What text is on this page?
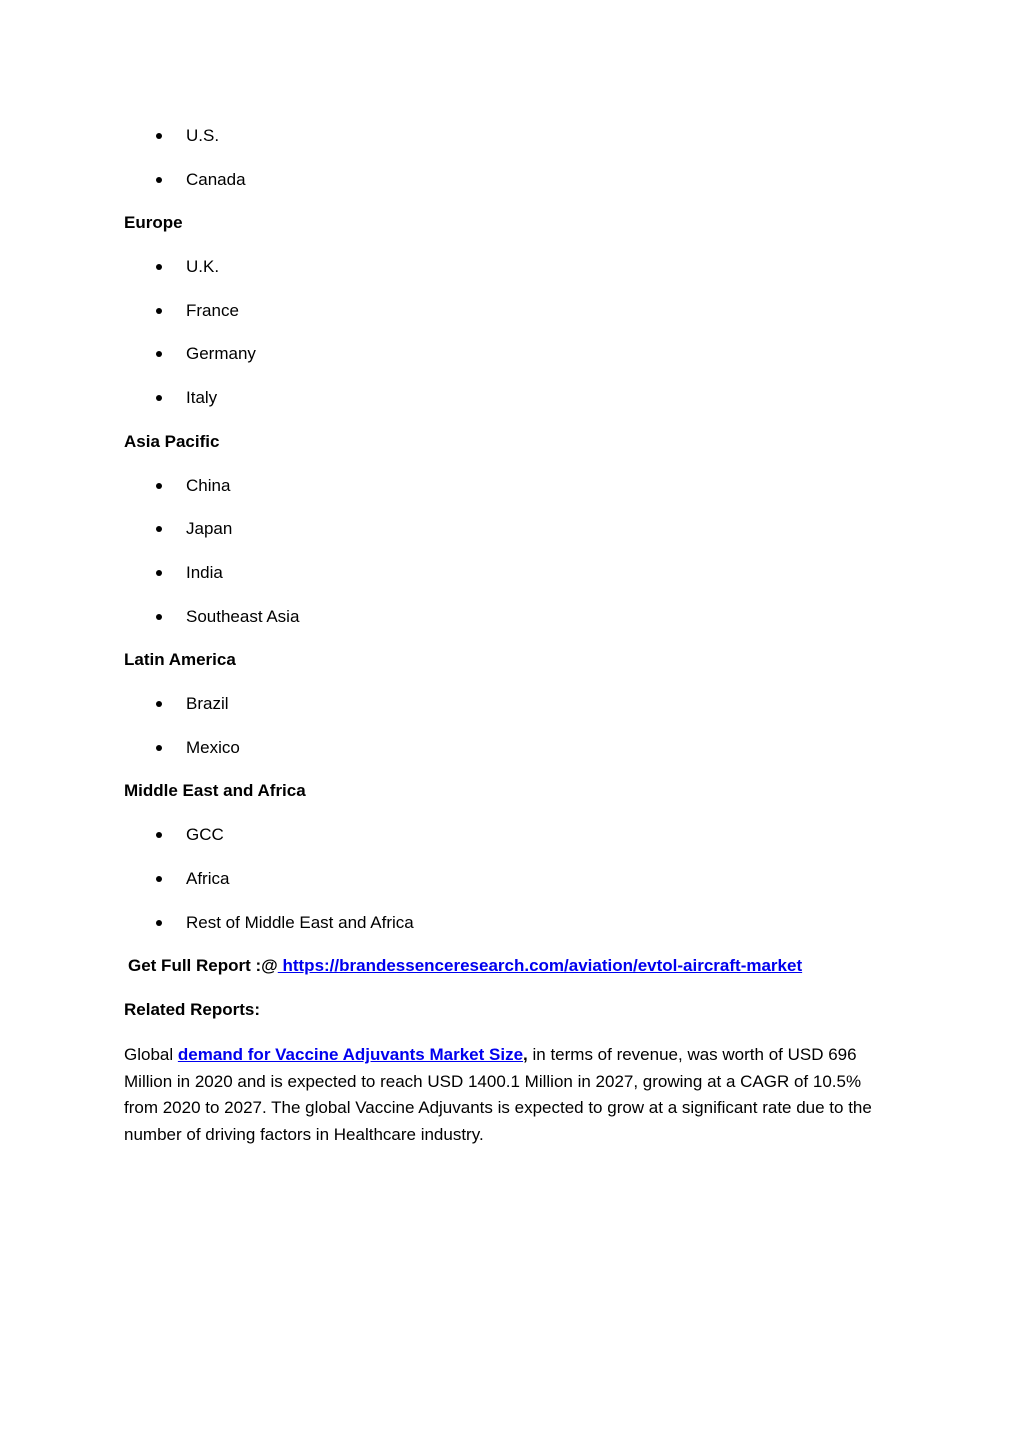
U.S.
Canada
Europe
U.K.
France
Germany
Italy
Asia Pacific
China
Japan
India
Southeast Asia
Latin America
Brazil
Mexico
Middle East and Africa
GCC
Africa
Rest of Middle East and Africa
Get Full Report :@ https://brandessenceresearch.com/aviation/evtol-aircraft-market
Related Reports:
Global demand for Vaccine Adjuvants Market Size, in terms of revenue, was worth of USD 696 Million in 2020 and is expected to reach USD 1400.1 Million in 2027, growing at a CAGR of 10.5% from 2020 to 2027. The global Vaccine Adjuvants is expected to grow at a significant rate due to the number of driving factors in Healthcare industry.
